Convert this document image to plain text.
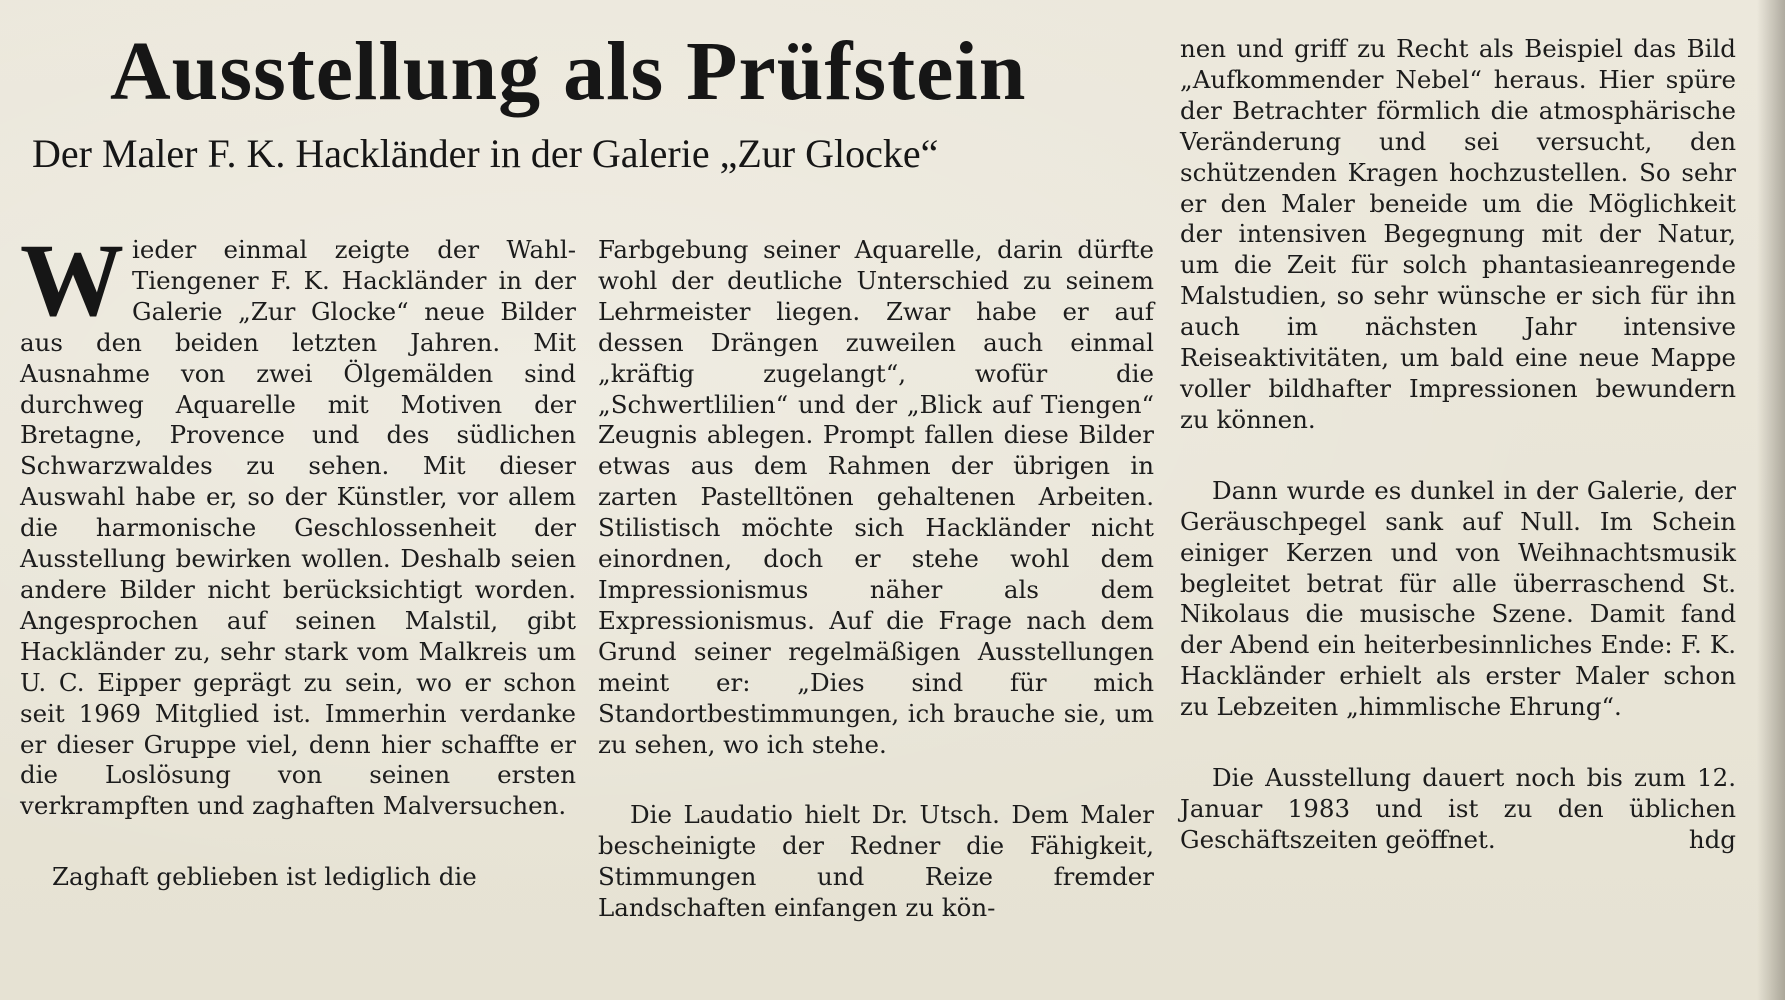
Ausstellung als Prüfstein
Der Maler F. K. Hackländer in der Galerie „Zur Glocke“

Wieder einmal zeigte der Wahl-Tiengener F. K. Hackländer in der Galerie „Zur Glocke“ neue Bilder aus den beiden letzten Jahren. Mit Ausnahme von zwei Ölgemälden sind durchweg Aquarelle mit Motiven der Bretagne, Provence und des südlichen Schwarzwaldes zu sehen. Mit dieser Auswahl habe er, so der Künstler, vor allem die harmonische Geschlossenheit der Ausstellung bewirken wollen. Deshalb seien andere Bilder nicht berücksichtigt worden. Angesprochen auf seinen Malstil, gibt Hackländer zu, sehr stark vom Malkreis um U. C. Eipper geprägt zu sein, wo er schon seit 1969 Mitglied ist. Immerhin verdanke er dieser Gruppe viel, denn hier schaffte er die Loslösung von seinen ersten verkrampften und zaghaften Malversuchen.

Zaghaft geblieben ist lediglich die

Farbgebung seiner Aquarelle, darin dürfte wohl der deutliche Unterschied zu seinem Lehrmeister liegen. Zwar habe er auf dessen Drängen zuweilen auch einmal „kräftig zugelangt“, wofür die „Schwertlilien“ und der „Blick auf Tiengen“ Zeugnis ablegen. Prompt fallen diese Bilder etwas aus dem Rahmen der übrigen in zarten Pastelltönen gehaltenen Arbeiten. Stilistisch möchte sich Hackländer nicht einordnen, doch er stehe wohl dem Impressionismus näher als dem Expressionismus. Auf die Frage nach dem Grund seiner regelmäßigen Ausstellungen meint er: „Dies sind für mich Standortbestimmungen, ich brauche sie, um zu sehen, wo ich stehe.

Die Laudatio hielt Dr. Utsch. Dem Maler bescheinigte der Redner die Fähigkeit, Stimmungen und Reize fremder Landschaften einfangen zu kön-

nen und griff zu Recht als Beispiel das Bild „Aufkommender Nebel“ heraus. Hier spüre der Betrachter förmlich die atmosphärische Veränderung und sei versucht, den schützenden Kragen hochzustellen. So sehr er den Maler beneide um die Möglichkeit der intensiven Begegnung mit der Natur, um die Zeit für solch phantasieanregende Malstudien, so sehr wünsche er sich für ihn auch im nächsten Jahr intensive Reiseaktivitäten, um bald eine neue Mappe voller bildhafter Impressionen bewundern zu können.

Dann wurde es dunkel in der Galerie, der Geräuschpegel sank auf Null. Im Schein einiger Kerzen und von Weihnachtsmusik begleitet betrat für alle überraschend St. Nikolaus die musische Szene. Damit fand der Abend ein heiterbesinnliches Ende: F. K. Hackländer erhielt als erster Maler schon zu Lebzeiten „himmlische Ehrung“.

Die Ausstellung dauert noch bis zum 12. Januar 1983 und ist zu den üblichen Geschäftszeiten geöffnet.	hdg
